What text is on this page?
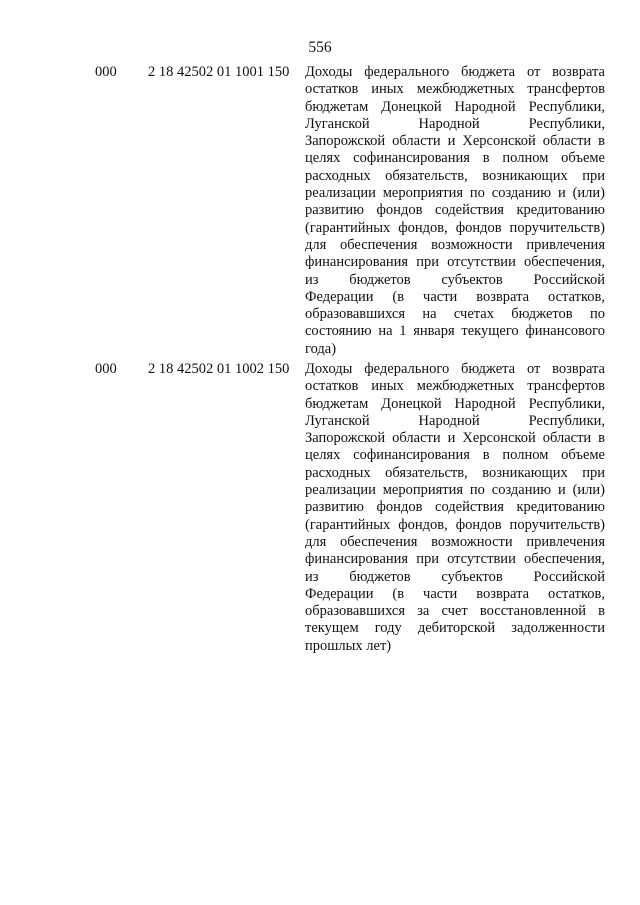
556
000 2 18 42502 01 1001 150 Доходы федерального бюджета от возврата
остатков иных межбюджетных трансфертов
бюджетам Донецкой Народной Республики,
Луганской Народной Республики,
Запорожской области и Херсонской области в
целях софинансирования в полном объеме
расходных обязательств, возникающих при
реализации мероприятия по созданию и (или)
развитию фондов содействия кредитованию
(гарантийных фондов, фондов поручительств)
для обеспечения возможности привлечения
финансирования при отсутствии обеспечения,
из бюджетов субъектов Российской
Федерации (в части возврата остатков,
образовавшихся на счетах бюджетов по
состоянию на 1 января текущего финансового
года)
000 2 18 42502 01 1002 150 Доходы федерального бюджета от возврата
остатков иных межбюджетных трансфертов
бюджетам Донецкой Народной Республики,
Луганской Народной Республики,
Запорожской области и Херсонской области в
целях софинансирования в полном объеме
расходных обязательств, возникающих при
реализации мероприятия по созданию и (или)
развитию фондов содействия кредитованию
(гарантийных фондов, фондов поручительств)
для обеспечения возможности привлечения
финансирования при отсутствии обеспечения,
из бюджетов субъектов Российской
Федерации (в части возврата остатков,
образовавшихся за счет восстановленной в
текущем году дебиторской задолженности
прошлых лет)
